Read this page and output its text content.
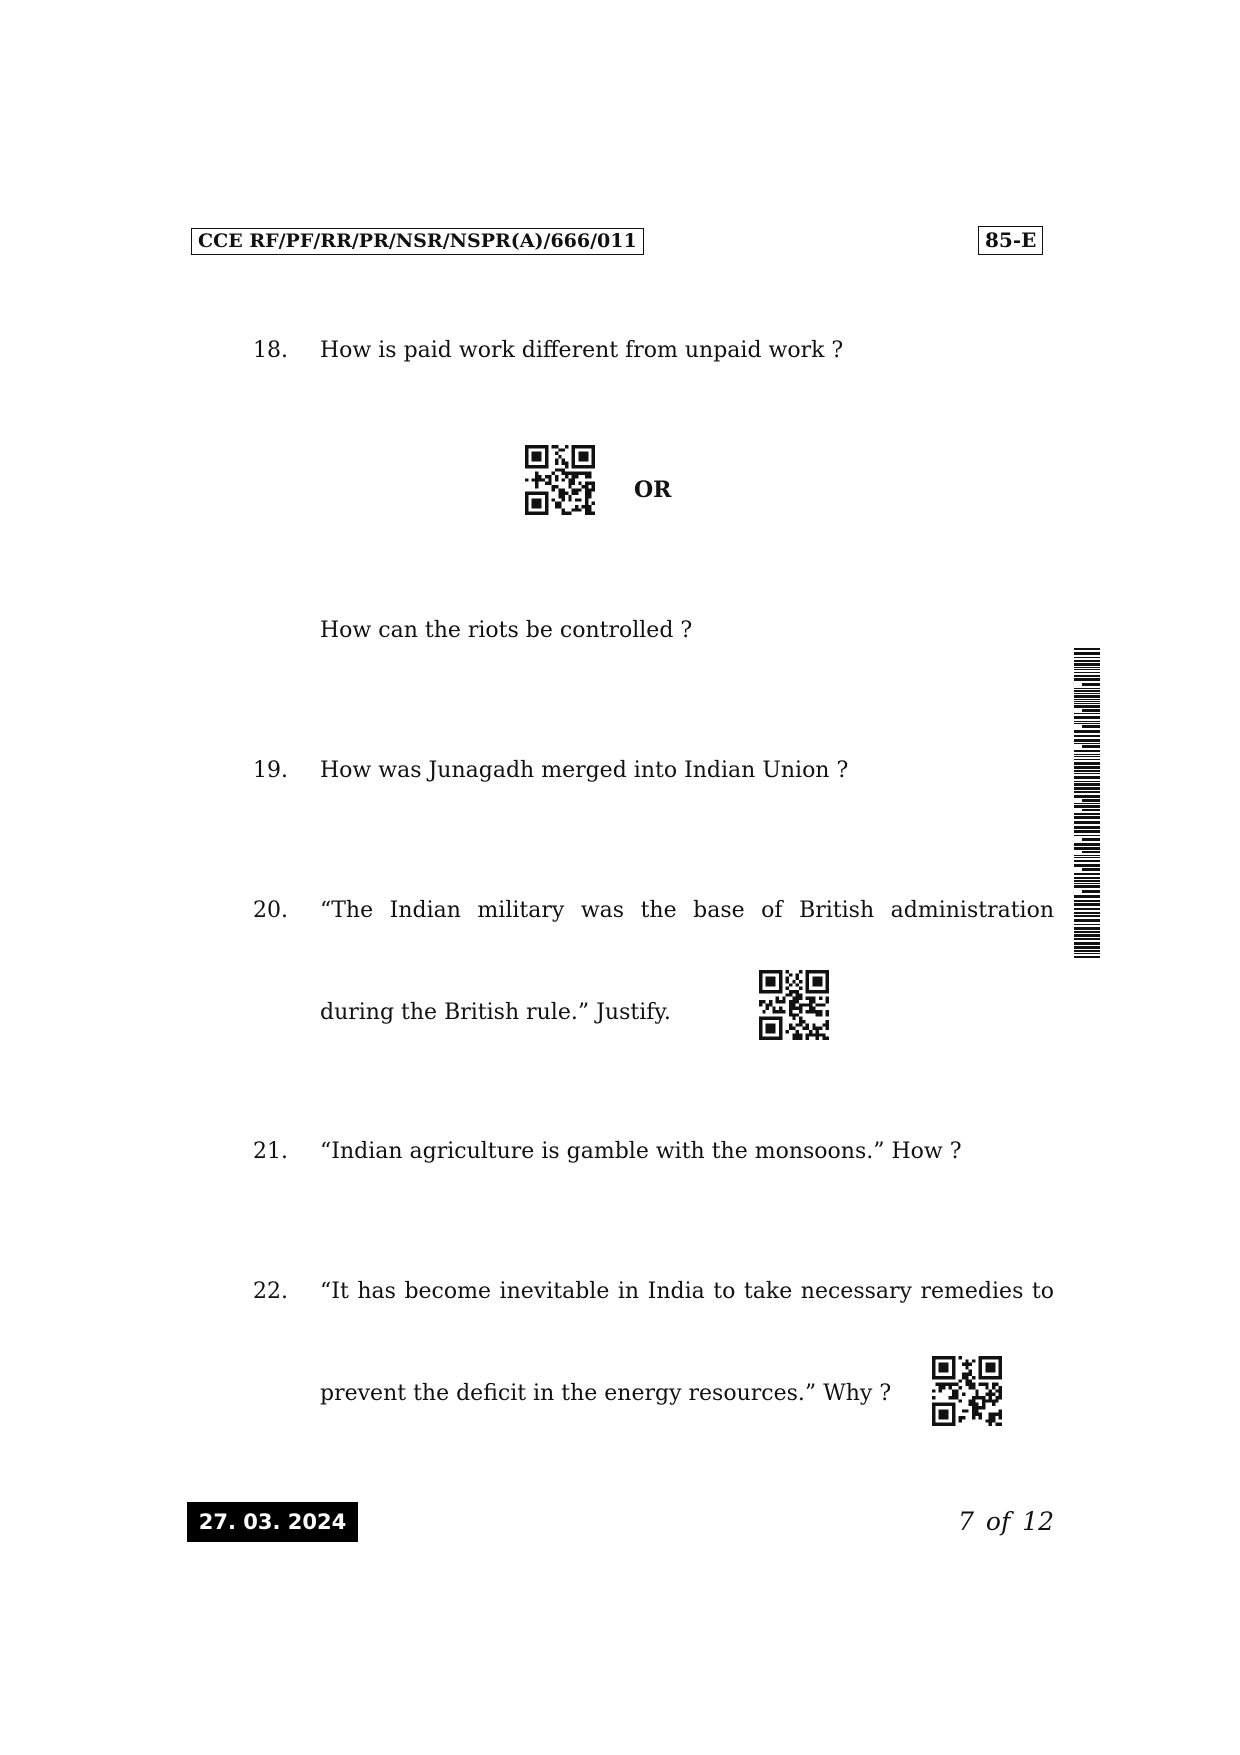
CCE RF/PF/RR/PR/NSR/NSPR(A)/666/011	85-E
18. How is paid work different from unpaid work ?
OR
How can the riots be controlled ?
19. How was Junagadh merged into Indian Union ?
20. “The Indian military was the base of British administration
during the British rule.” Justify.
21. “Indian agriculture is gamble with the monsoons.” How ?
22. “It has become inevitable in India to take necessary remedies to
prevent the deficit in the energy resources.” Why ?
27. 03. 2024	7 of 12
